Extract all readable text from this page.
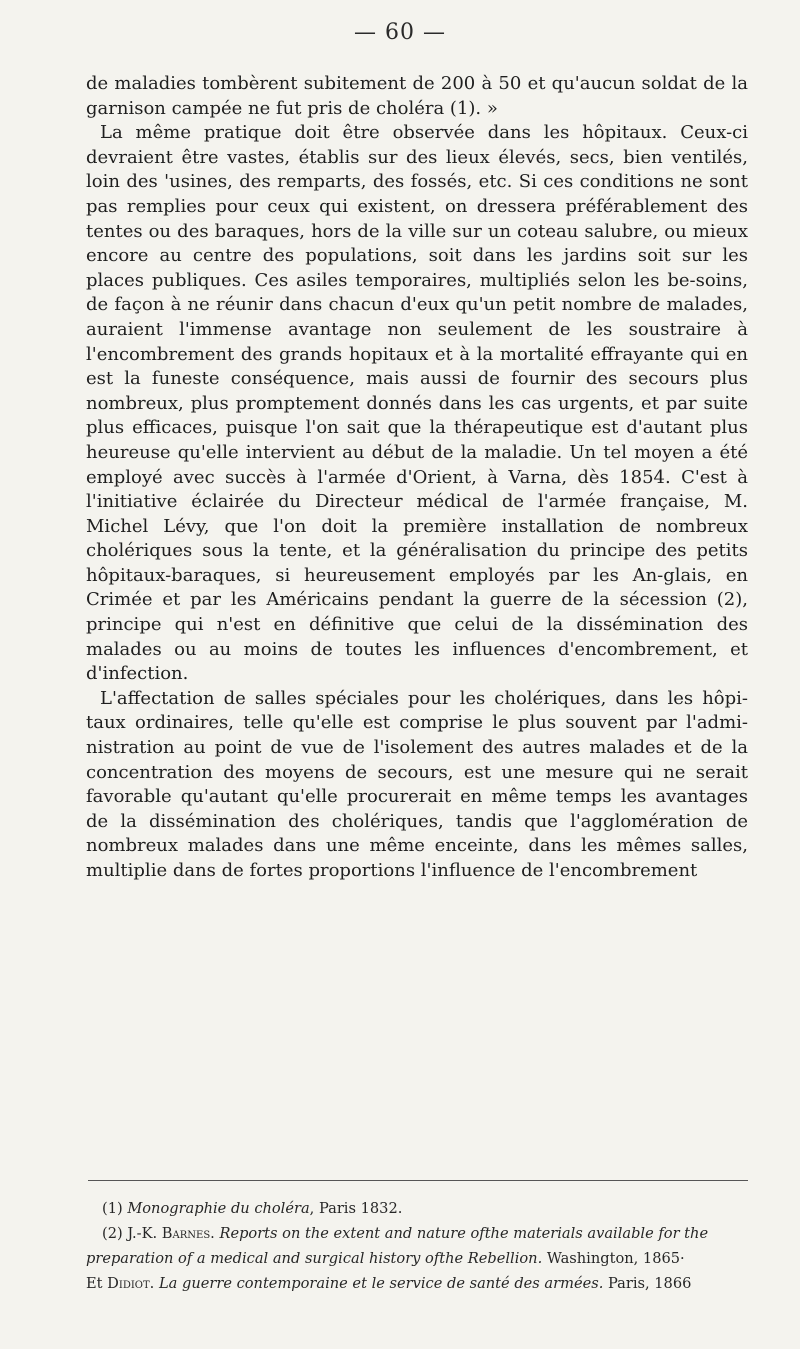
— 60 —

de maladies tombèrent subitement de 200 à 50 et qu'aucun soldat de la garnison campée ne fut pris de choléra (1). »

La même pratique doit être observée dans les hôpitaux. Ceux-ci devraient être vastes, établis sur des lieux élevés, secs, bien ventilés, loin des 'usines, des remparts, des fossés, etc. Si ces conditions ne sont pas remplies pour ceux qui existent, on dressera préférablement des tentes ou des baraques, hors de la ville sur un coteau salubre, ou mieux encore au centre des populations, soit dans les jardins soit sur les places publiques. Ces asiles temporaires, multipliés selon les be-soins, de façon à ne réunir dans chacun d'eux qu'un petit nombre de malades, auraient l'immense avantage non seulement de les soustraire à l'encombrement des grands hopitaux et à la mortalité effrayante qui en est la funeste conséquence, mais aussi de fournir des secours plus nombreux, plus promptement donnés dans les cas urgents, et par suite plus efficaces, puisque l'on sait que la thérapeutique est d'autant plus heureuse qu'elle intervient au début de la maladie. Un tel moyen a été employé avec succès à l'armée d'Orient, à Varna, dès 1854. C'est à l'initiative éclairée du Directeur médical de l'armée française, M. Michel Lévy, que l'on doit la première installation de nombreux cholériques sous la tente, et la généralisation du principe des petits hôpitaux-baraques, si heureusement employés par les An-glais, en Crimée et par les Américains pendant la guerre de la sécession (2), principe qui n'est en définitive que celui de la dissémination des malades ou au moins de toutes les influences d'encombrement, et d'infection.

L'affectation de salles spéciales pour les cholériques, dans les hôpi-taux ordinaires, telle qu'elle est comprise le plus souvent par l'admi-nistration au point de vue de l'isolement des autres malades et de la concentration des moyens de secours, est une mesure qui ne serait favorable qu'autant qu'elle procurerait en même temps les avantages de la dissémination des cholériques, tandis que l'agglomération de nombreux malades dans une même enceinte, dans les mêmes salles, multiplie dans de fortes proportions l'influence de l'encombrement

(1) Monographie du choléra, Paris 1832.

(2) J.-K. Barnes. Reports on the extent and nature ofthe materials available for the preparation of a medical and surgical history ofthe Rebellion. Washington, 1865·

Et Didiot. La guerre contemporaine et le service de santé des armées. Paris, 1866
